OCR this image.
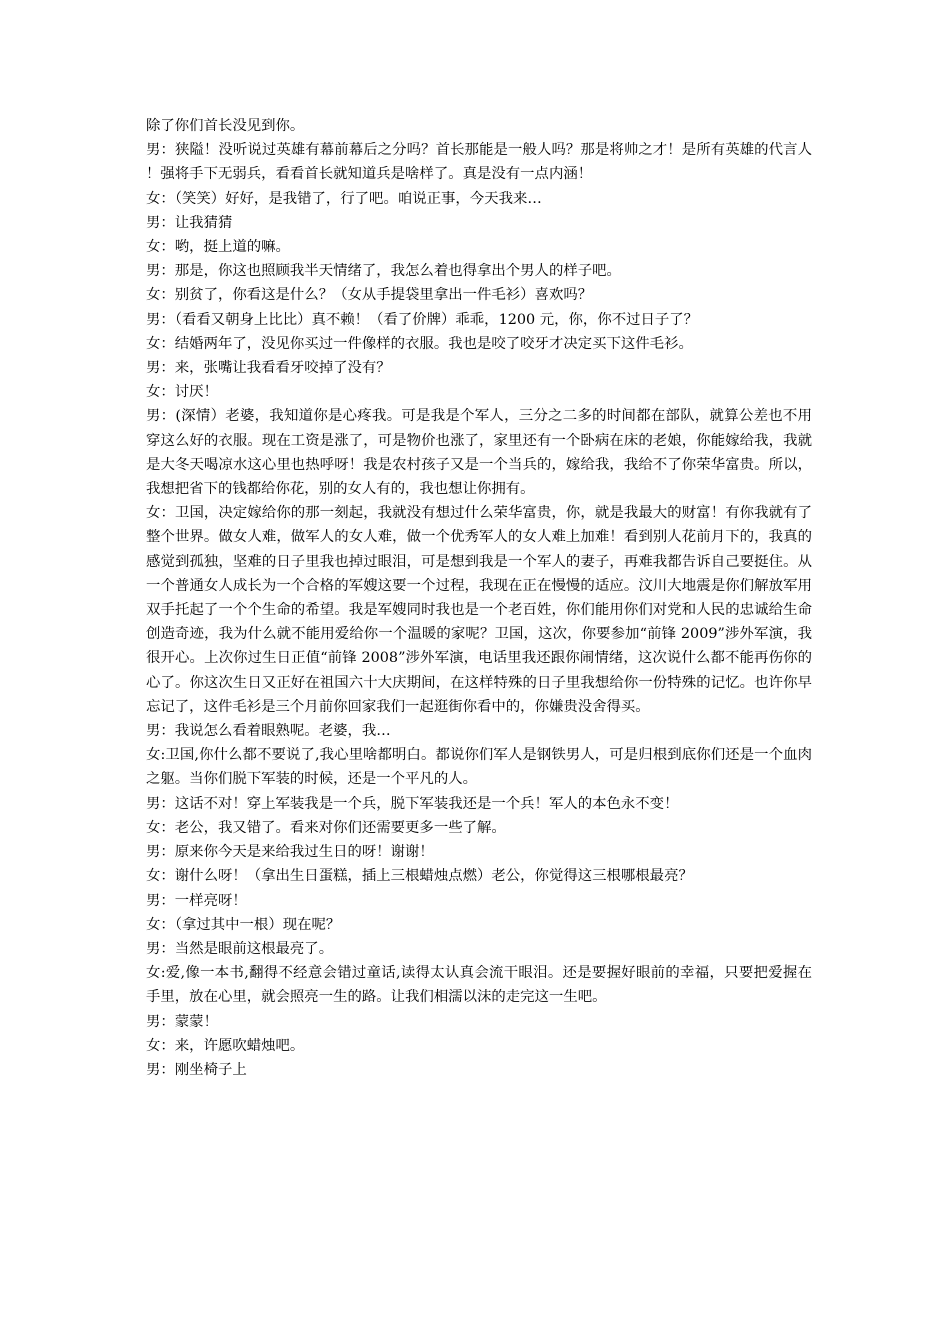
除了你们首长没见到你。

男：狭隘！没听说过英雄有幕前幕后之分吗？首长那能是一般人吗？那是将帅之才！是所有英雄的代言人！强将手下无弱兵，看看首长就知道兵是啥样了。真是没有一点内涵！

女：（笑笑）好好，是我错了，行了吧。咱说正事，今天我来…

男：让我猜猜

女：哟，挺上道的嘛。

男：那是，你这也照顾我半天情绪了，我怎么着也得拿出个男人的样子吧。

女：别贫了，你看这是什么？（女从手提袋里拿出一件毛衫）喜欢吗？

男：（看看又朝身上比比）真不赖！（看了价牌）乖乖，1200 元，你，你不过日子了？

女：结婚两年了，没见你买过一件像样的衣服。我也是咬了咬牙才决定买下这件毛衫。

男：来，张嘴让我看看牙咬掉了没有？

女：讨厌！

男：(深情）老婆，我知道你是心疼我。可是我是个军人，三分之二多的时间都在部队，就算公差也不用穿这么好的衣服。现在工资是涨了，可是物价也涨了，家里还有一个卧病在床的老娘，你能嫁给我，我就是大冬天喝凉水这心里也热呼呀！我是农村孩子又是一个当兵的，嫁给我，我给不了你荣华富贵。所以，我想把省下的钱都给你花，别的女人有的，我也想让你拥有。

女：卫国，决定嫁给你的那一刻起，我就没有想过什么荣华富贵，你，就是我最大的财富！有你我就有了整个世界。做女人难，做军人的女人难，做一个优秀军人的女人难上加难！看到别人花前月下的，我真的感觉到孤独，坚难的日子里我也掉过眼泪，可是想到我是一个军人的妻子，再难我都告诉自己要挺住。从一个普通女人成长为一个合格的军嫂这要一个过程，我现在正在慢慢的适应。汶川大地震是你们解放军用双手托起了一个个生命的希望。我是军嫂同时我也是一个老百姓，你们能用你们对党和人民的忠诚给生命创造奇迹，我为什么就不能用爱给你一个温暖的家呢？卫国，这次，你要参加“前锋 2009”涉外军演，我很开心。上次你过生日正值“前锋 2008”涉外军演，电话里我还跟你闹情绪，这次说什么都不能再伤你的心了。你这次生日又正好在祖国六十大庆期间，在这样特殊的日子里我想给你一份特殊的记忆。也许你早忘记了，这件毛衫是三个月前你回家我们一起逛街你看中的，你嫌贵没舍得买。

男：我说怎么看着眼熟呢。老婆，我…

女:卫国,你什么都不要说了,我心里啥都明白。都说你们军人是钢铁男人，可是归根到底你们还是一个血肉之躯。当你们脱下军装的时候，还是一个平凡的人。

男：这话不对！穿上军装我是一个兵，脱下军装我还是一个兵！军人的本色永不变！

女：老公，我又错了。看来对你们还需要更多一些了解。

男：原来你今天是来给我过生日的呀！谢谢！

女：谢什么呀！（拿出生日蛋糕，插上三根蜡烛点燃）老公，你觉得这三根哪根最亮？

男：一样亮呀！

女：（拿过其中一根）现在呢？

男：当然是眼前这根最亮了。

女:爱,像一本书,翻得不经意会错过童话,读得太认真会流干眼泪。还是要握好眼前的幸福，只要把爱握在手里，放在心里，就会照亮一生的路。让我们相濡以沫的走完这一生吧。

男：蒙蒙！

女：来，许愿吹蜡烛吧。

男：刚坐椅子上
